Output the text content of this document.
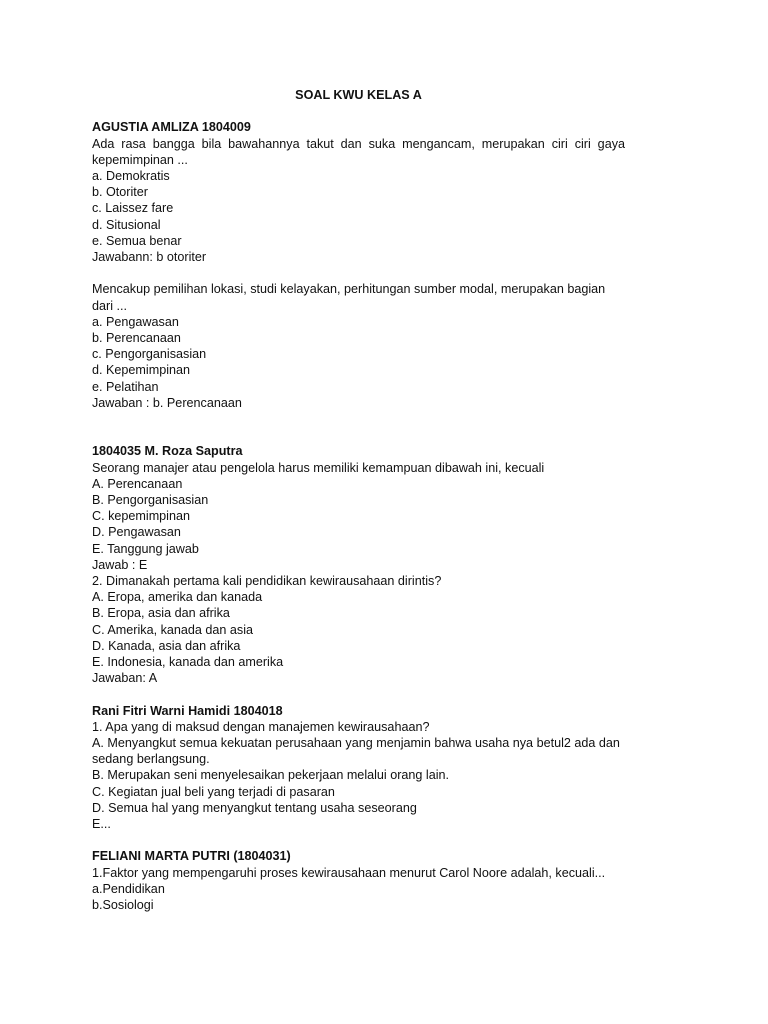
SOAL KWU KELAS A
AGUSTIA AMLIZA 1804009
Ada rasa bangga bila bawahannya takut dan suka mengancam, merupakan ciri ciri gaya kepemimpinan ...
a. Demokratis
b. Otoriter
c. Laissez fare
d. Situsional
e. Semua benar
Jawabann: b otoriter
Mencakup pemilihan lokasi, studi kelayakan, perhitungan sumber modal, merupakan bagian dari ...
a. Pengawasan
b. Perencanaan
c. Pengorganisasian
d. Kepemimpinan
e. Pelatihan
Jawaban : b. Perencanaan
1804035 M. Roza Saputra
Seorang manajer atau pengelola harus memiliki kemampuan dibawah ini, kecuali
A. Perencanaan
B. Pengorganisasian
C. kepemimpinan
D. Pengawasan
E. Tanggung jawab
Jawab : E
2. Dimanakah pertama kali pendidikan kewirausahaan dirintis?
A. Eropa, amerika dan kanada
B. Eropa, asia dan afrika
C. Amerika, kanada dan asia
D. Kanada, asia dan afrika
E. Indonesia, kanada dan amerika
Jawaban: A
Rani Fitri Warni Hamidi 1804018
1. Apa yang di maksud dengan manajemen kewirausahaan?
A. Menyangkut semua kekuatan perusahaan yang menjamin bahwa usaha nya betul2 ada dan sedang berlangsung.
B. Merupakan seni menyelesaikan pekerjaan melalui orang lain.
C. Kegiatan jual beli yang terjadi di pasaran
D. Semua hal yang menyangkut tentang usaha seseorang
E...
FELIANI MARTA PUTRI (1804031)
1.Faktor yang mempengaruhi proses kewirausahaan menurut Carol Noore adalah, kecuali...
a.Pendidikan
b.Sosiologi
